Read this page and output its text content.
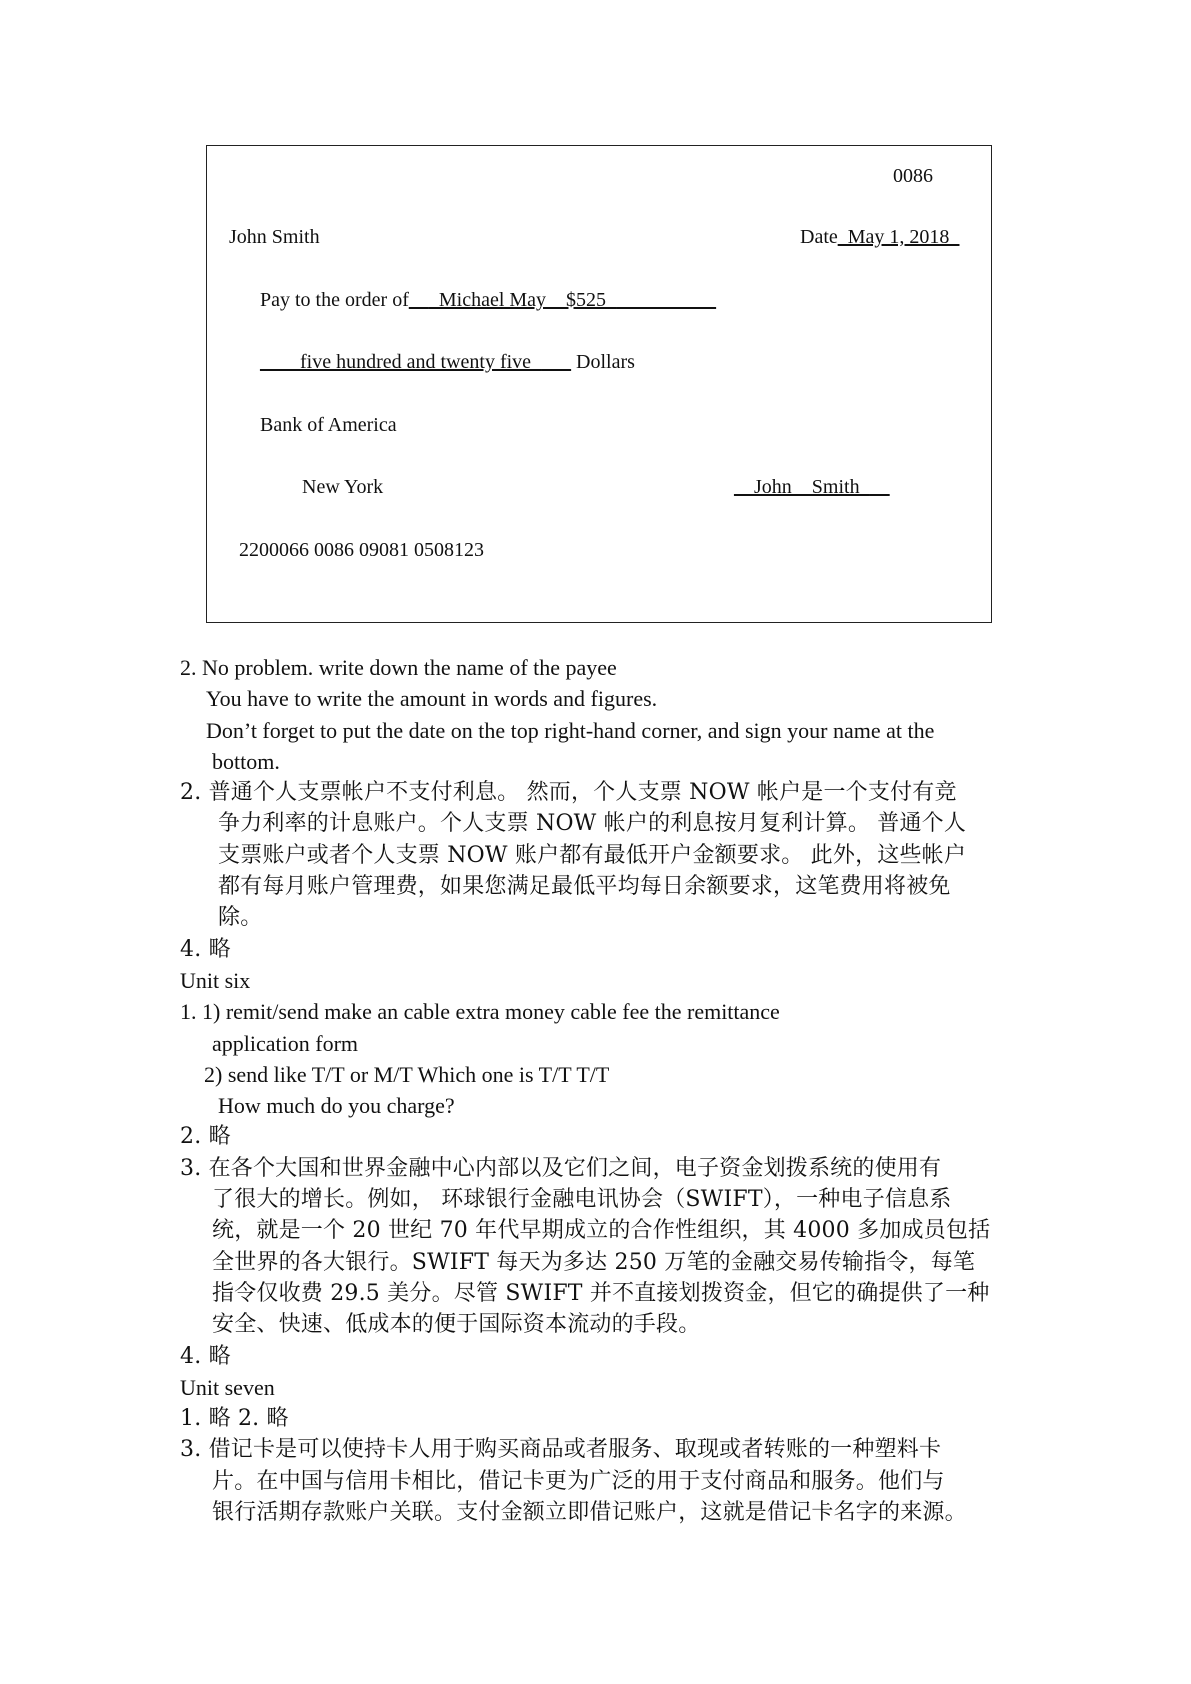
0086
John Smith	Date_May 1, 2018_
Pay to the order of___Michael May__$525___________
____five hundred and twenty five____ Dollars
Bank of America
New York	__John    Smith___
2200066 0086 09081 0508123
2. No problem. write down the name of the payee
You have to write the amount in words and figures.
Don’t forget to put the date on the top right-hand corner, and sign your name at the
bottom.
2. 普通个人支票帐户不支付利息。 然而，个人支票 NOW 帐户是一个支付有竞
争力利率的计息账户。个人支票 NOW 帐户的利息按月复利计算。 普通个人
支票账户或者个人支票 NOW 账户都有最低开户金额要求。 此外，这些帐户
都有每月账户管理费，如果您满足最低平均每日余额要求，这笔费用将被免
除。
4. 略
Unit six
1. 1) remit/send make an cable extra money cable fee the remittance
application form
2) send like T/T or M/T Which one is T/T T/T
How much do you charge?
2. 略
3. 在各个大国和世界金融中心内部以及它们之间，电子资金划拨系统的使用有
了很大的增长。例如， 环球银行金融电讯协会（SWIFT），一种电子信息系
统，就是一个 20 世纪 70 年代早期成立的合作性组织，其 4000 多加成员包括
全世界的各大银行。SWIFT 每天为多达 250 万笔的金融交易传输指令，每笔
指令仅收费 29.5 美分。尽管 SWIFT 并不直接划拨资金，但它的确提供了一种
安全、快速、低成本的便于国际资本流动的手段。
4. 略
Unit seven
1. 略 2. 略
3. 借记卡是可以使持卡人用于购买商品或者服务、取现或者转账的一种塑料卡
片。在中国与信用卡相比，借记卡更为广泛的用于支付商品和服务。他们与
银行活期存款账户关联。支付金额立即借记账户，这就是借记卡名字的来源。
